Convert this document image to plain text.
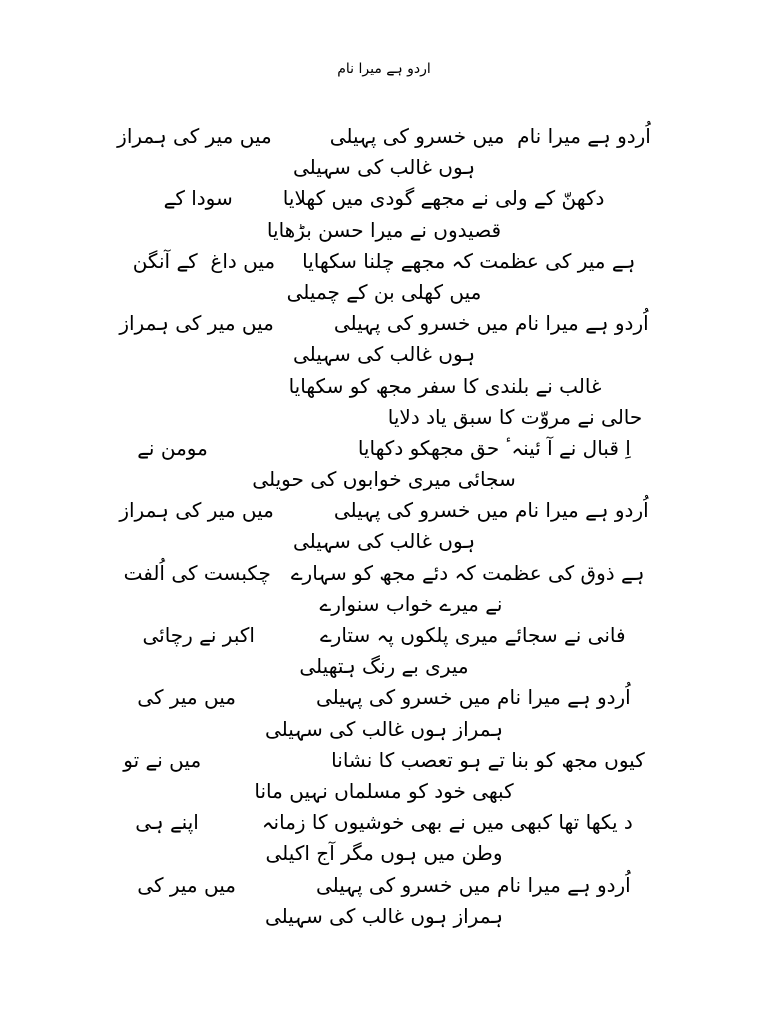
اردو ہے میرا نام
اُردو ہے میرا نام  میں خسرو کی پہیلی
میں میر کی ہمراز
ہوں غالب کی سہیلی
دکھنّ کے ولی نے مجھے گودی میں کھلایا
سودا کے
قصیدوں نے میرا حسن بڑھایا
ہے میر کی عظمت کہ مجھے چلنا سکھایا
میں داغ  کے آنگن
میں کھلی بن کے چمیلی
اُردو ہے میرا نام میں خسرو کی پہیلی
میں میر کی ہمراز
ہوں غالب کی سہیلی
غالب نے بلندی کا سفر مجھ کو سکھایا
حالی نے مروّت کا سبق یاد دلایا
اِ قبال نے آ ئینہٴ حق مجھکو دکھایا
مومن نے
سجائی میری خوابوں کی حویلی
اُردو ہے میرا نام میں خسرو کی پہیلی
میں میر کی ہمراز
ہوں غالب کی سہیلی
ہے ذوق کی عظمت کہ دئے مجھ کو سہارے
چکبست کی اُلفت
نے میرے خواب سنوارے
فانی نے سجائے میری پلکوں پہ ستارے
اکبر نے رچائی
میری بے رنگ ہتھیلی
اُردو ہے میرا نام میں خسرو کی پہیلی
میں میر کی
ہمراز ہوں غالب کی سہیلی
کیوں مجھ کو بنا تے ہو تعصب کا نشانا
میں نے تو
کبھی خود کو مسلماں نہیں مانا
د یکھا تھا کبھی میں نے بھی خوشیوں کا زمانہ
اپنے ہی
وطن میں ہوں مگر آج اکیلی
اُردو ہے میرا نام میں خسرو کی پہیلی
میں میر کی
ہمراز ہوں غالب کی سہیلی
